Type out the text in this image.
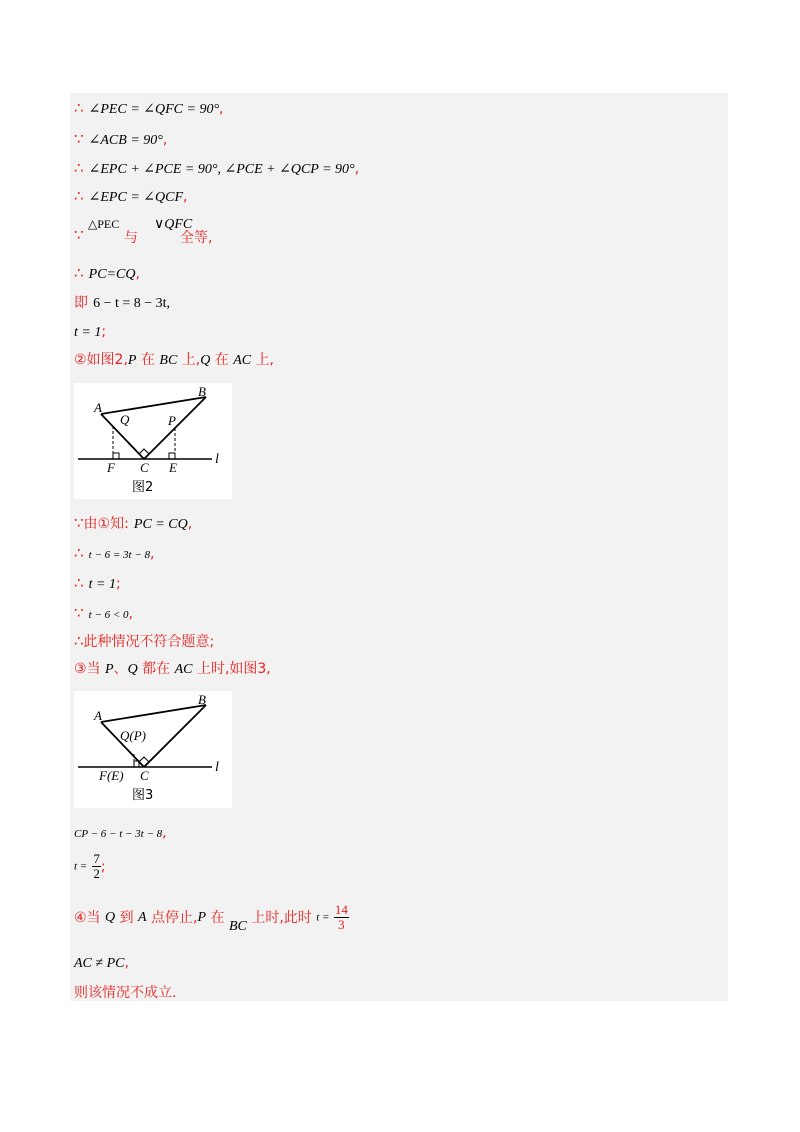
∴ ∠PEC = ∠QFC = 90°,
∵ ∠ACB = 90°,
∴ ∠EPC + ∠PCE = 90°, ∠PCE + ∠QCP = 90°,
∴ ∠EPC = ∠QCF,
∵
△PEC
与
∨QFC
全等,
∴ PC=CQ,
即 6 − t = 8 − 3t,
t = 1;
②如图2,P 在 BC 上,Q 在 AC 上,
A
B
Q	P
F C E
l
图2
∵由①知: PC = CQ,
∴ t − 6 = 3t − 8,
∴ t = 1;
∵ t − 6 < 0,
∴此种情况不符合题意;
③当 P、Q 都在 AC 上时,如图3,
A
B
Q(P)
F(E) C
l
图3
CP − 6 − t − 3t − 8,
$t = \frac{7}{2}$ ;
④当 Q 到 A 点停止,P 在 BC 上时,此时 $t = \frac{14}{3}$
AC ≠ PC,
则该情况不成立.
